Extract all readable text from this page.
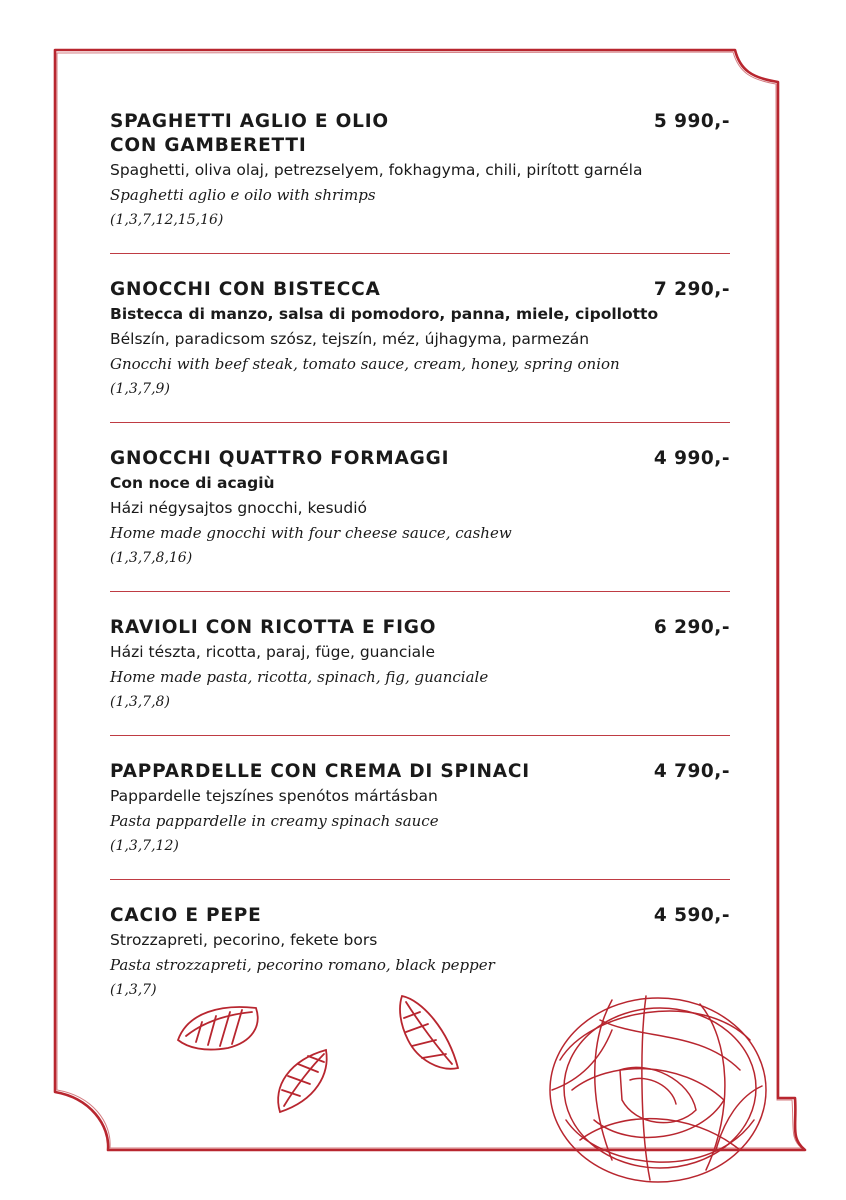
SPAGHETTI AGLIO E OLIO
CON GAMBERETTI
5 990,-
Spaghetti, oliva olaj, petrezselyem, fokhagyma, chili, pirított garnéla
Spaghetti aglio e oilo with shrimps
(1,3,7,12,15,16)
GNOCCHI CON BISTECCA	7 290,-
Bistecca di manzo, salsa di pomodoro, panna, miele, cipollotto
Bélszín, paradicsom szósz, tejszín, méz, újhagyma, parmezán
Gnocchi with beef steak, tomato sauce, cream, honey, spring onion
(1,3,7,9)
GNOCCHI QUATTRO FORMAGGI	4 990,-
Con noce di acagiù
Házi négysajtos gnocchi, kesudió
Home made gnocchi with four cheese sauce, cashew
(1,3,7,8,16)
RAVIOLI CON RICOTTA E FIGO	6 290,-
Házi tészta, ricotta, paraj, füge, guanciale
Home made pasta, ricotta, spinach, fig, guanciale
(1,3,7,8)
PAPPARDELLE CON CREMA DI SPINACI	4 790,-
Pappardelle tejszínes spenótos mártásban
Pasta pappardelle in creamy spinach sauce
(1,3,7,12)
CACIO E PEPE	4 590,-
Strozzapreti, pecorino, fekete bors
Pasta strozzapreti, pecorino romano, black pepper
(1,3,7)
